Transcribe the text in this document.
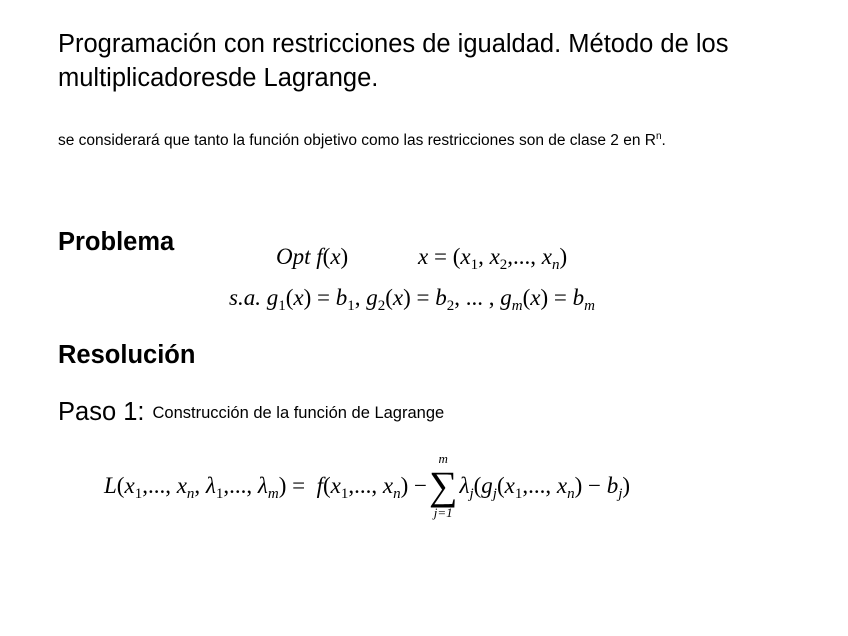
Programación con restricciones de igualdad. Método de los multiplicadoresde Lagrange.

se considerará que tanto la función objetivo como las restricciones son de clase 2 en $R^n$.

Problema
Opt f(x)	$x = (x_1$, $x_2$,..., $x_n$)
s.a. $g_1(x) = b_1$, $g_2(x) = b_2$, ... , $g_m(x) = b_m$
Resolución
Paso 1: Construcción de la función de Lagrange
$L(x_1$,..., $x_n$, $\lambda_1$,..., $\lambda_m) = f(x_1$,..., $x_n$) −
m
∑
j=1
$\lambda_j(g_j(x_1$,..., $x_n) - b_j$)
